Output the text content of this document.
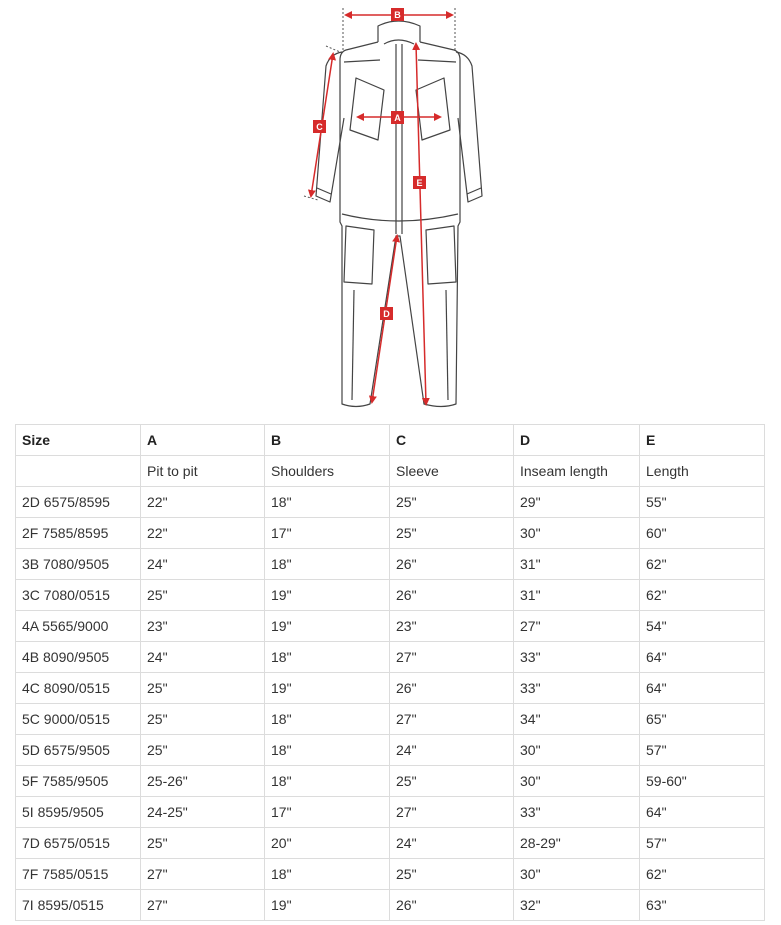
B
A
C
D
E
Size	A	B	C	D	E
	Pit to pit	Shoulders	Sleeve	Inseam length	Length
2D 6575/8595	22"	18"	25"	29"	55"
2F 7585/8595	22"	17"	25"	30"	60"
3B 7080/9505	24"	18"	26"	31"	62"
3C 7080/0515	25"	19"	26"	31"	62"
4A 5565/9000	23"	19"	23"	27"	54"
4B 8090/9505	24"	18"	27"	33"	64"
4C 8090/0515	25"	19"	26"	33"	64"
5C 9000/0515	25"	18"	27"	34"	65"
5D 6575/9505	25"	18"	24"	30"	57"
5F 7585/9505	25-26"	18"	25"	30"	59-60"
5I 8595/9505	24-25"	17"	27"	33"	64"
7D 6575/0515	25"	20"	24"	28-29"	57"
7F 7585/0515	27"	18"	25"	30"	62"
7I 8595/0515	27"	19"	26"	32"	63"
